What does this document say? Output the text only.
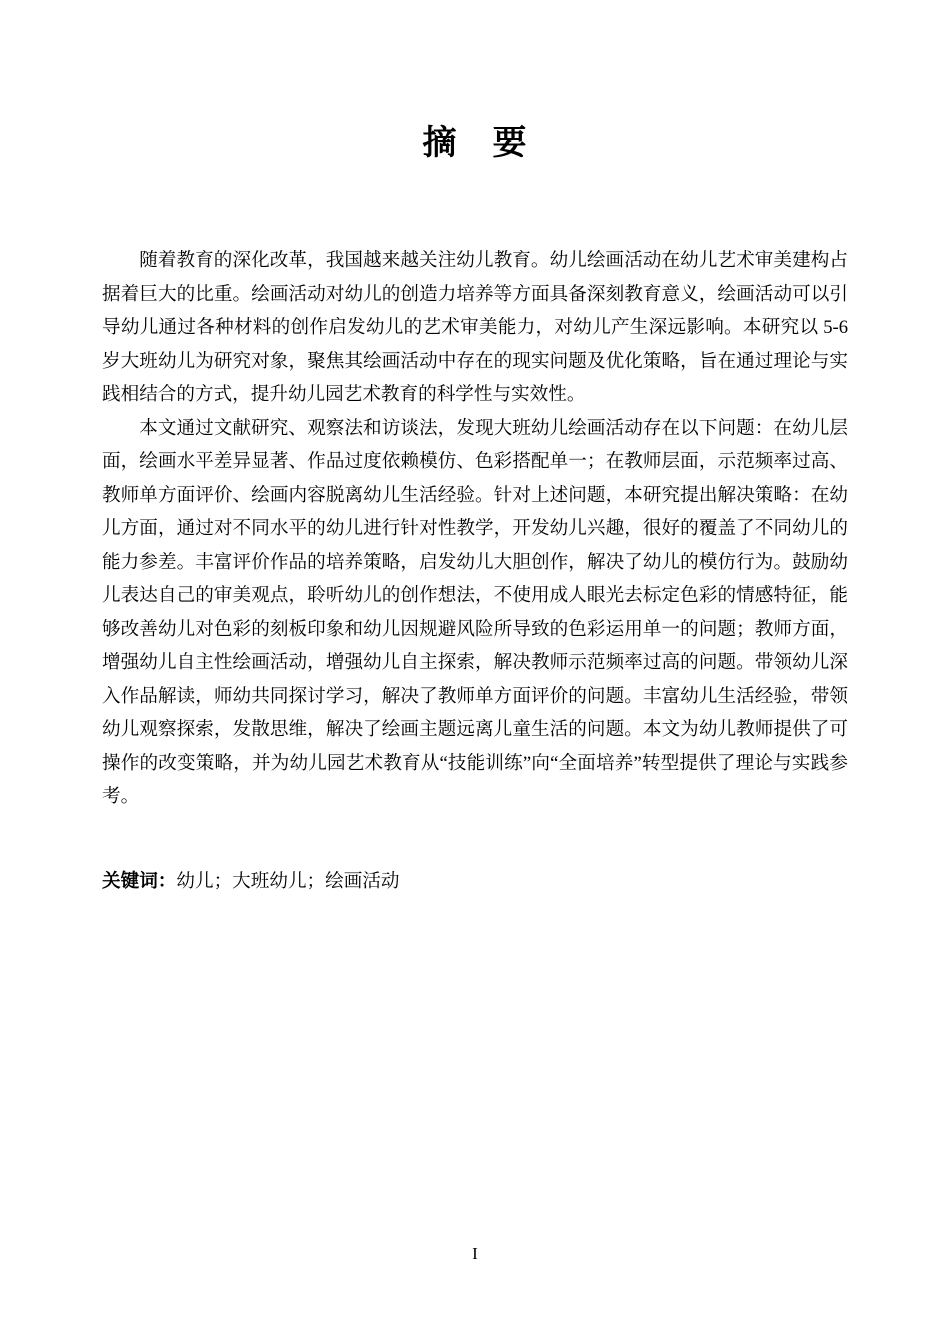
摘　要

随着教育的深化改革，我国越来越关注幼儿教育。幼儿绘画活动在幼儿艺术审美建构占据着巨大的比重。绘画活动对幼儿的创造力培养等方面具备深刻教育意义，绘画活动可以引导幼儿通过各种材料的创作启发幼儿的艺术审美能力，对幼儿产生深远影响。本研究以 5-6 岁大班幼儿为研究对象，聚焦其绘画活动中存在的现实问题及优化策略，旨在通过理论与实践相结合的方式，提升幼儿园艺术教育的科学性与实效性。

本文通过文献研究、观察法和访谈法，发现大班幼儿绘画活动存在以下问题：在幼儿层面，绘画水平差异显著、作品过度依赖模仿、色彩搭配单一；在教师层面，示范频率过高、教师单方面评价、绘画内容脱离幼儿生活经验。针对上述问题，本研究提出解决策略：在幼儿方面，通过对不同水平的幼儿进行针对性教学，开发幼儿兴趣，很好的覆盖了不同幼儿的能力参差。丰富评价作品的培养策略，启发幼儿大胆创作，解决了幼儿的模仿行为。鼓励幼儿表达自己的审美观点，聆听幼儿的创作想法，不使用成人眼光去标定色彩的情感特征，能够改善幼儿对色彩的刻板印象和幼儿因规避风险所导致的色彩运用单一的问题；教师方面，增强幼儿自主性绘画活动，增强幼儿自主探索，解决教师示范频率过高的问题。带领幼儿深入作品解读，师幼共同探讨学习，解决了教师单方面评价的问题。丰富幼儿生活经验，带领幼儿观察探索，发散思维，解决了绘画主题远离儿童生活的问题。本文为幼儿教师提供了可操作的改变策略，并为幼儿园艺术教育从“技能训练”向“全面培养”转型提供了理论与实践参考。

关键词：幼儿；大班幼儿；绘画活动

I
